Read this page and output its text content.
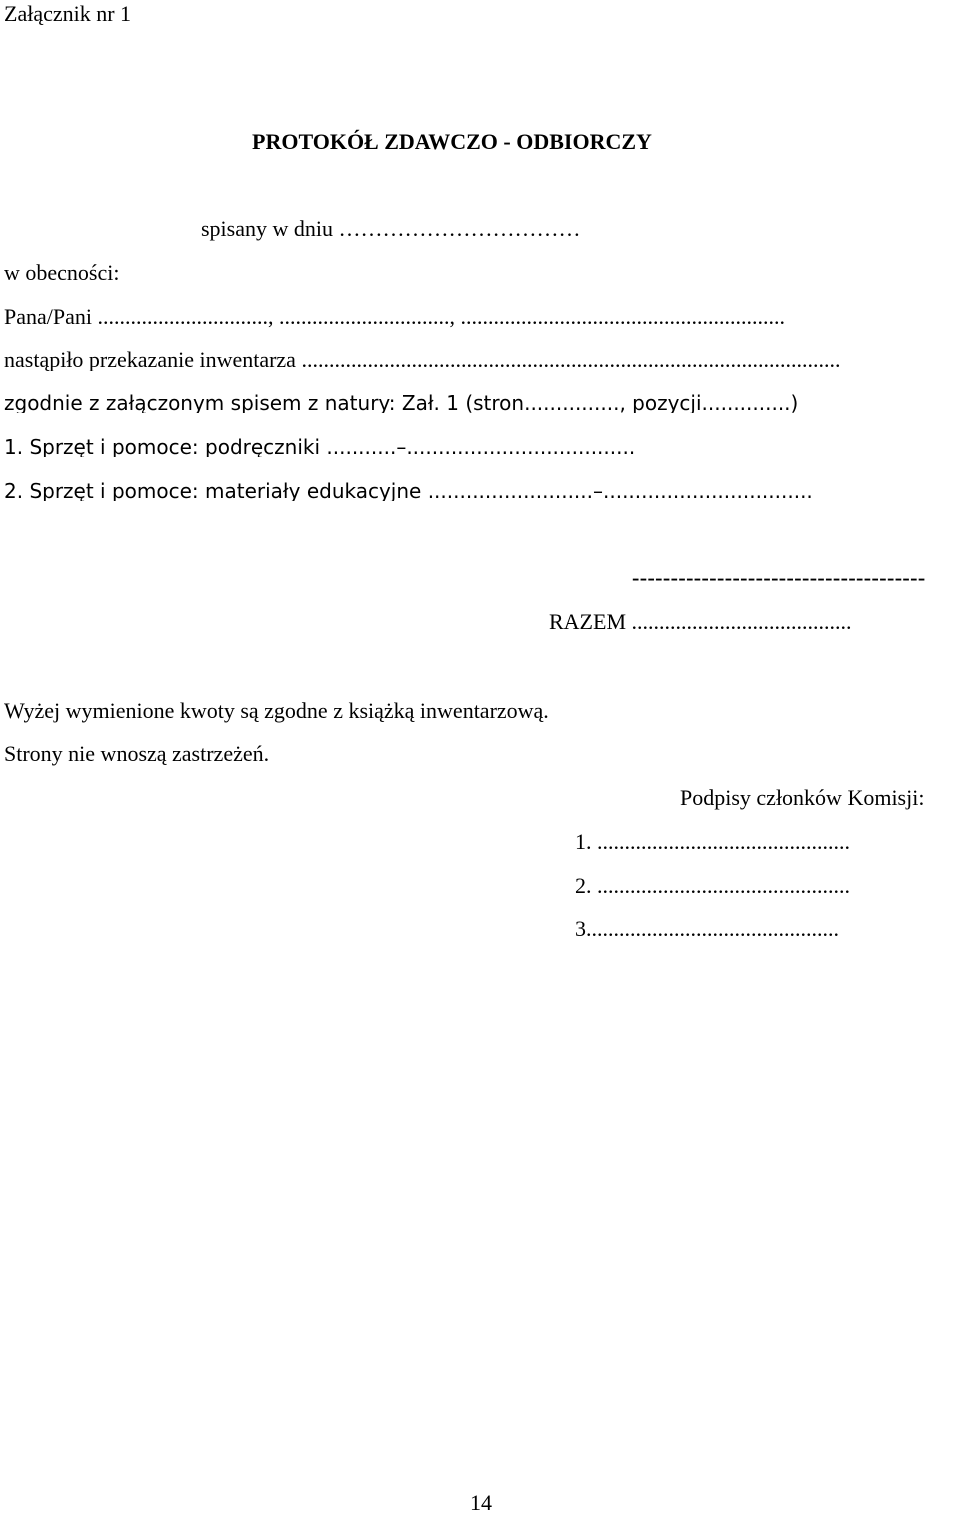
Załącznik nr 1
PROTOKÓŁ ZDAWCZO - ODBIORCZY
spisany w dniu ……………………………
w obecności:
Pana/Pani ..............................., ..............................., ...........................................................
nastąpiło przekazanie inwentarza ..................................................................................................
zgodnie z załączonym spisem z natury: Zał. 1 (stron..............., pozycji..............)
1. Sprzęt i pomoce: podręczniki ...........–....................................
2. Sprzęt i pomoce: materiały edukacyjne ..........................–.................................
--------------------------------------
RAZEM ........................................
Wyżej wymienione kwoty są zgodne z książką inwentarzową.
Strony nie wnoszą zastrzeżeń.
Podpisy członków Komisji:
1. ..............................................
2. ..............................................
3..............................................
14
